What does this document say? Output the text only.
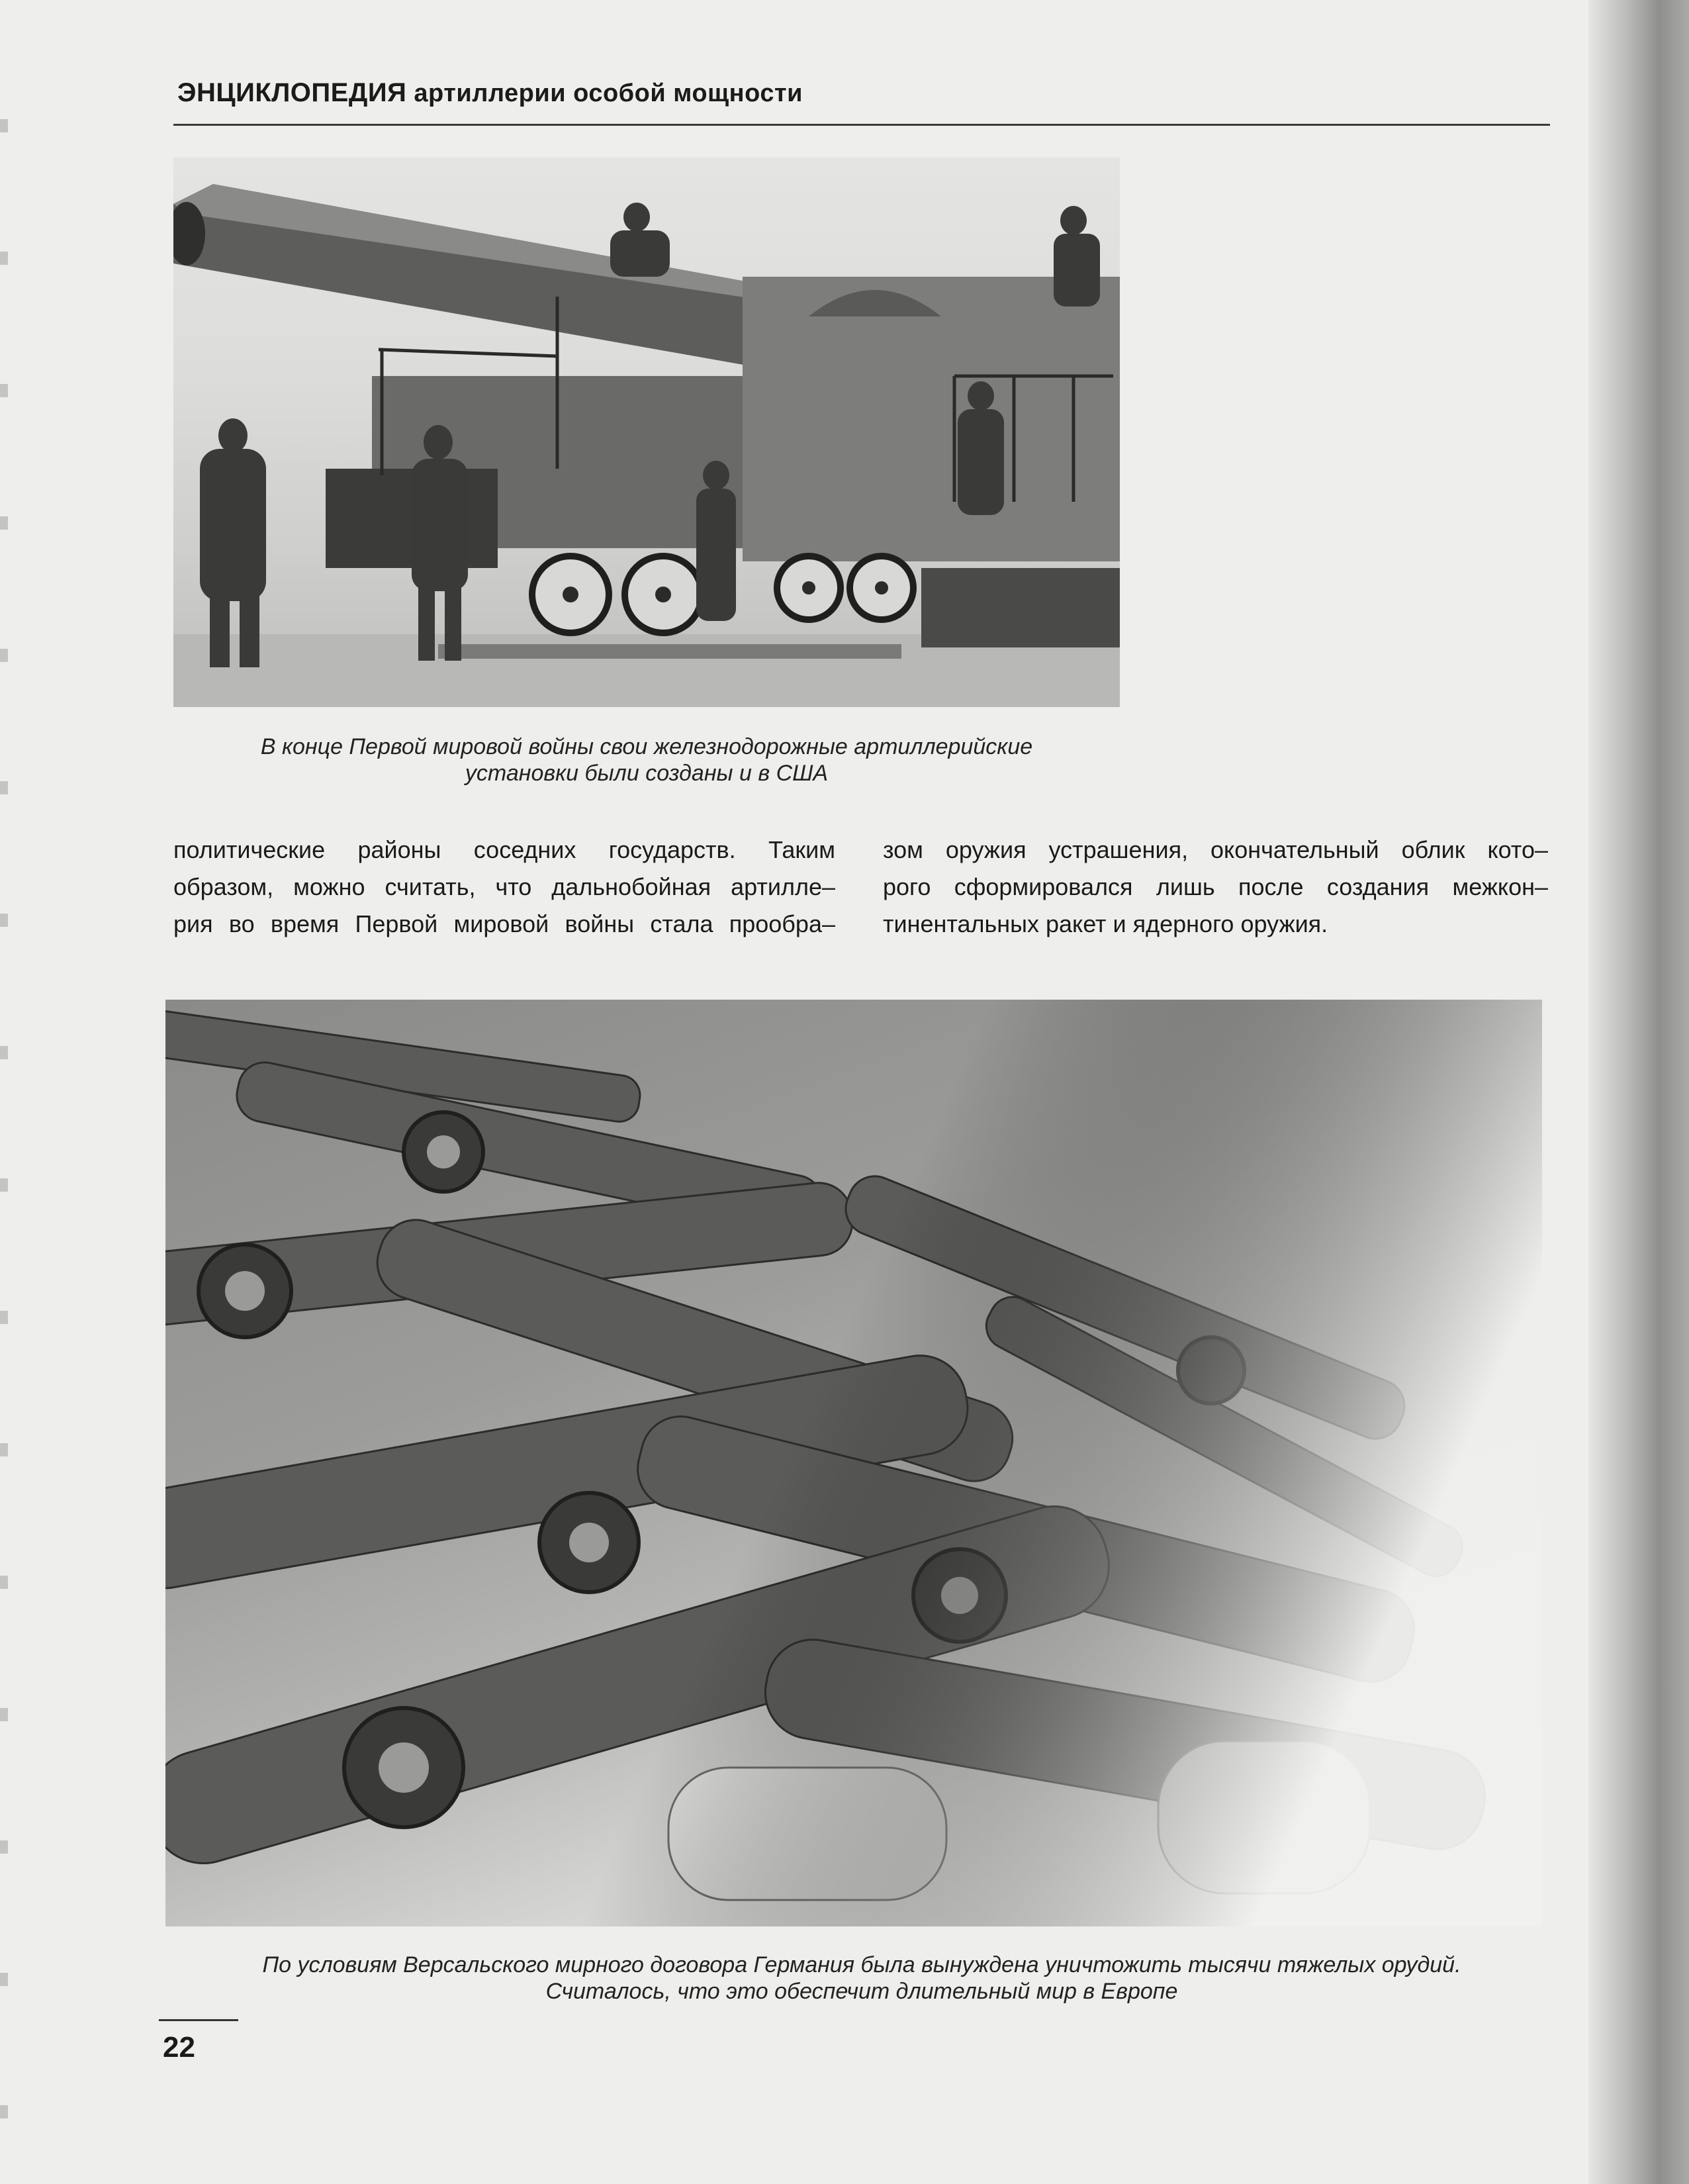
ЭНЦИКЛОПЕДИЯ артиллерии особой мощности
В конце Первой мировой войны свои железнодорожные артиллерийские
установки были созданы и в США
политические районы соседних государств. Таким
образом, можно считать, что дальнобойная артилле–
рия во время Первой мировой войны стала прообра–
зом оружия устрашения, окончательный облик кото–
рого сформировался лишь после создания межкон–
тинентальных ракет и ядерного оружия.
По условиям Версальского мирного договора Германия была вынуждена уничтожить тысячи тяжелых орудий.
Считалось, что это обеспечит длительный мир в Европе
22
